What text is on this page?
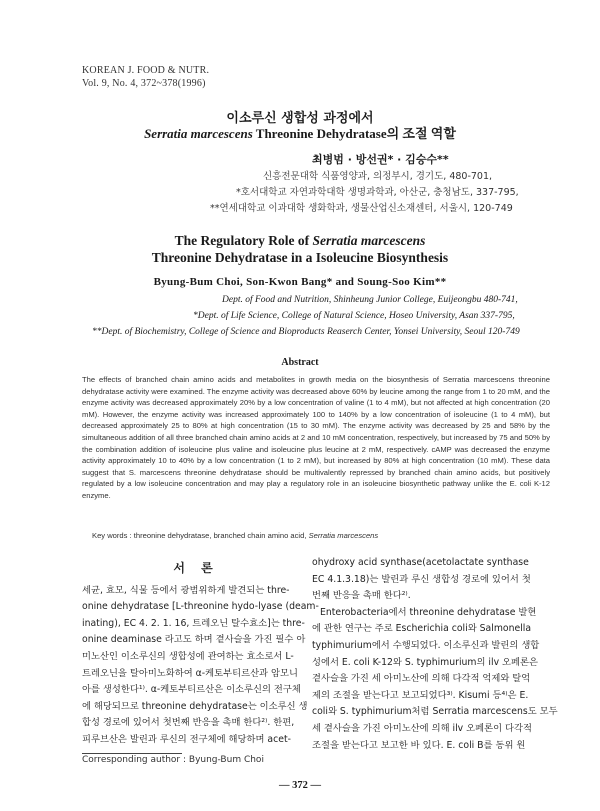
KOREAN J. FOOD & NUTR.
Vol. 9, No. 4, 372~378(1996)
이소루신 생합성 과정에서
Serratia marcescens Threonine Dehydratase의 조절 역할
최병범 · 방선권* · 김승수**
신흥전문대학 식품영양과, 의정부시, 경기도, 480-701,
*호서대학교 자연과학대학 생명과학과, 아산군, 충청남도, 337-795,
**연세대학교 이과대학 생화학과, 생물산업신소재센터, 서울시, 120-749
The Regulatory Role of Serratia marcescens
Threonine Dehydratase in a Isoleucine Biosynthesis
Byung-Bum Choi, Son-Kwon Bang* and Soung-Soo Kim**
Dept. of Food and Nutrition, Shinheung Junior College, Euijeongbu 480-741,
*Dept. of Life Science, College of Natural Science, Hoseo University, Asan 337-795,
**Dept. of Biochemistry, College of Science and Bioproducts Reaserch Center, Yonsei University, Seoul 120-749
Abstract

The effects of branched chain amino acids and metabolites in growth media on the biosynthesis of Serratia marcescens threonine dehydratase activity were examined. The enzyme activity was decreased above 60% by leucine among the range from 1 to 20 mM, and the enzyme activity was decreased approximately 20% by a low concentration of valine (1 to 4 mM), but not affected at high concentration (20 mM). However, the enzyme activity was increased approximately 100 to 140% by a low concentration of isoleucine (1 to 4 mM), but decreased approximately 25 to 80% at high concentration (15 to 30 mM). The enzyme activity was decreased by 25 and 58% by the simultaneous addition of all three branched chain amino acids at 2 and 10 mM concentration, respectively, but increased by 75 and 50% by the combination addition of isoleucine plus valine and isoleucine plus leucine at 2 mM, respectively. cAMP was decreased the enzyme activity approximately 10 to 40% by a low concentration (1 to 2 mM), but increased by 80% at high concentration (10 mM). These data suggest that S. marcescens threonine dehydratase should be multivalently repressed by branched chain amino acids, but positively regulated by a low isoleucine concentration and may play a regulatory role in an isoleucine biosynthetic pathway unlike the E. coli K-12 enzyme.

Key words : threonine dehydratase, branched chain amino acid, Serratia marcescens

서 론

세균, 효모, 식물 등에서 광범위하게 발견되는 thre-

onine dehydratase [L-threonine hydo-lyase (deam-

inating), EC 4. 2. 1. 16, 트레오닌 탈수효소]는 thre-

onine deaminase 라고도 하며 곁사슬을 가진 필수 아

미노산인 이소루신의 생합성에 관여하는 효소로서 L-

트레오닌을 탈아미노화하여 α-케토부티르산과 암모니

아를 생성한다¹⁾. α-케토부티르산은 이소루신의 전구체

에 해당되므로 threonine dehydratase는 이소루신 생

합성 경로에 있어서 첫번째 반응을 촉매 한다²⁾. 한편,

피루브산은 발린과 루신의 전구체에 해당하며 acet-

ohydroxy acid synthase(acetolactate synthase

EC 4.1.3.18)는 발린과 루신 생합성 경로에 있어서 첫

번째 반응을 촉매 한다²⁾.

Enterobacteria에서 threonine dehydratase 발현

에 관한 연구는 주로 Escherichia coli와 Salmonella

typhimurium에서 수행되었다. 이소루신과 발린의 생합

성에서 E. coli K-12와 S. typhimurium의 ilv 오페론은

곁사슬을 가진 세 아미노산에 의해 다각적 억제와 탈억

제의 조절을 받는다고 보고되었다³⁾. Kisumi 등⁴⁾은 E.

coli와 S. typhimurium처럼 Serratia marcescens도 모두

세 곁사슬을 가진 아미노산에 의해 ilv 오페론이 다각적

조절을 받는다고 보고한 바 있다. E. coli B를 동위 원

Corresponding author : Byung-Bum Choi
— 372 —
